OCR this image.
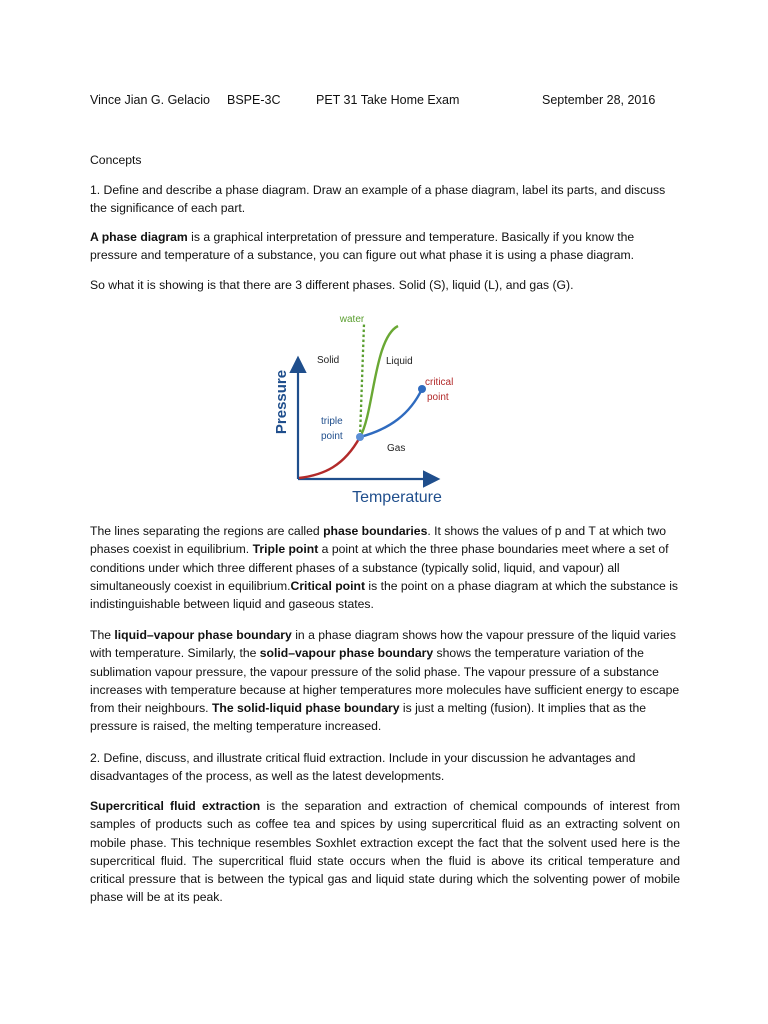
Vince Jian G. Gelacio BSPE-3C	PET 31 Take Home Exam	September 28, 2016

Concepts

1. Define and describe a phase diagram. Draw an example of a phase diagram, label its parts, and discuss the significance of each part.

A phase diagram is a graphical interpretation of pressure and temperature. Basically if you know the pressure and temperature of a substance, you can figure out what phase it is using a phase diagram.

So what it is showing is that there are 3 different phases. Solid (S), liquid (L), and gas (G).

Pressure
Temperature
water
Solid	Liquid
Gas
triple
point
critical
point

The lines separating the regions are called phase boundaries. It shows the values of p and T at which two phases coexist in equilibrium. Triple point a point at which the three phase boundaries meet where a set of conditions under which three different phases of a substance (typically solid, liquid, and vapour) all simultaneously coexist in equilibrium.Critical point is the point on a phase diagram at which the substance is indistinguishable between liquid and gaseous states.

The liquid–vapour phase boundary in a phase diagram shows how the vapour pressure of the liquid varies with temperature. Similarly, the solid–vapour phase boundary shows the temperature variation of the sublimation vapour pressure, the vapour pressure of the solid phase. The vapour pressure of a substance increases with temperature because at higher temperatures more molecules have sufficient energy to escape from their neighbours. The solid-liquid phase boundary is just a melting (fusion). It implies that as the pressure is raised, the melting temperature increased.

2. Define, discuss, and illustrate critical fluid extraction. Include in your discussion he advantages and disadvantages of the process, as well as the latest developments.

Supercritical fluid extraction is the separation and extraction of chemical compounds of interest from samples of products such as coffee tea and spices by using supercritical fluid as an extracting solvent on mobile phase. This technique resembles Soxhlet extraction except the fact that the solvent used here is the supercritical fluid. The supercritical fluid state occurs when the fluid is above its critical temperature and critical pressure that is between the typical gas and liquid state during which the solventing power of mobile phase will be at its peak.
